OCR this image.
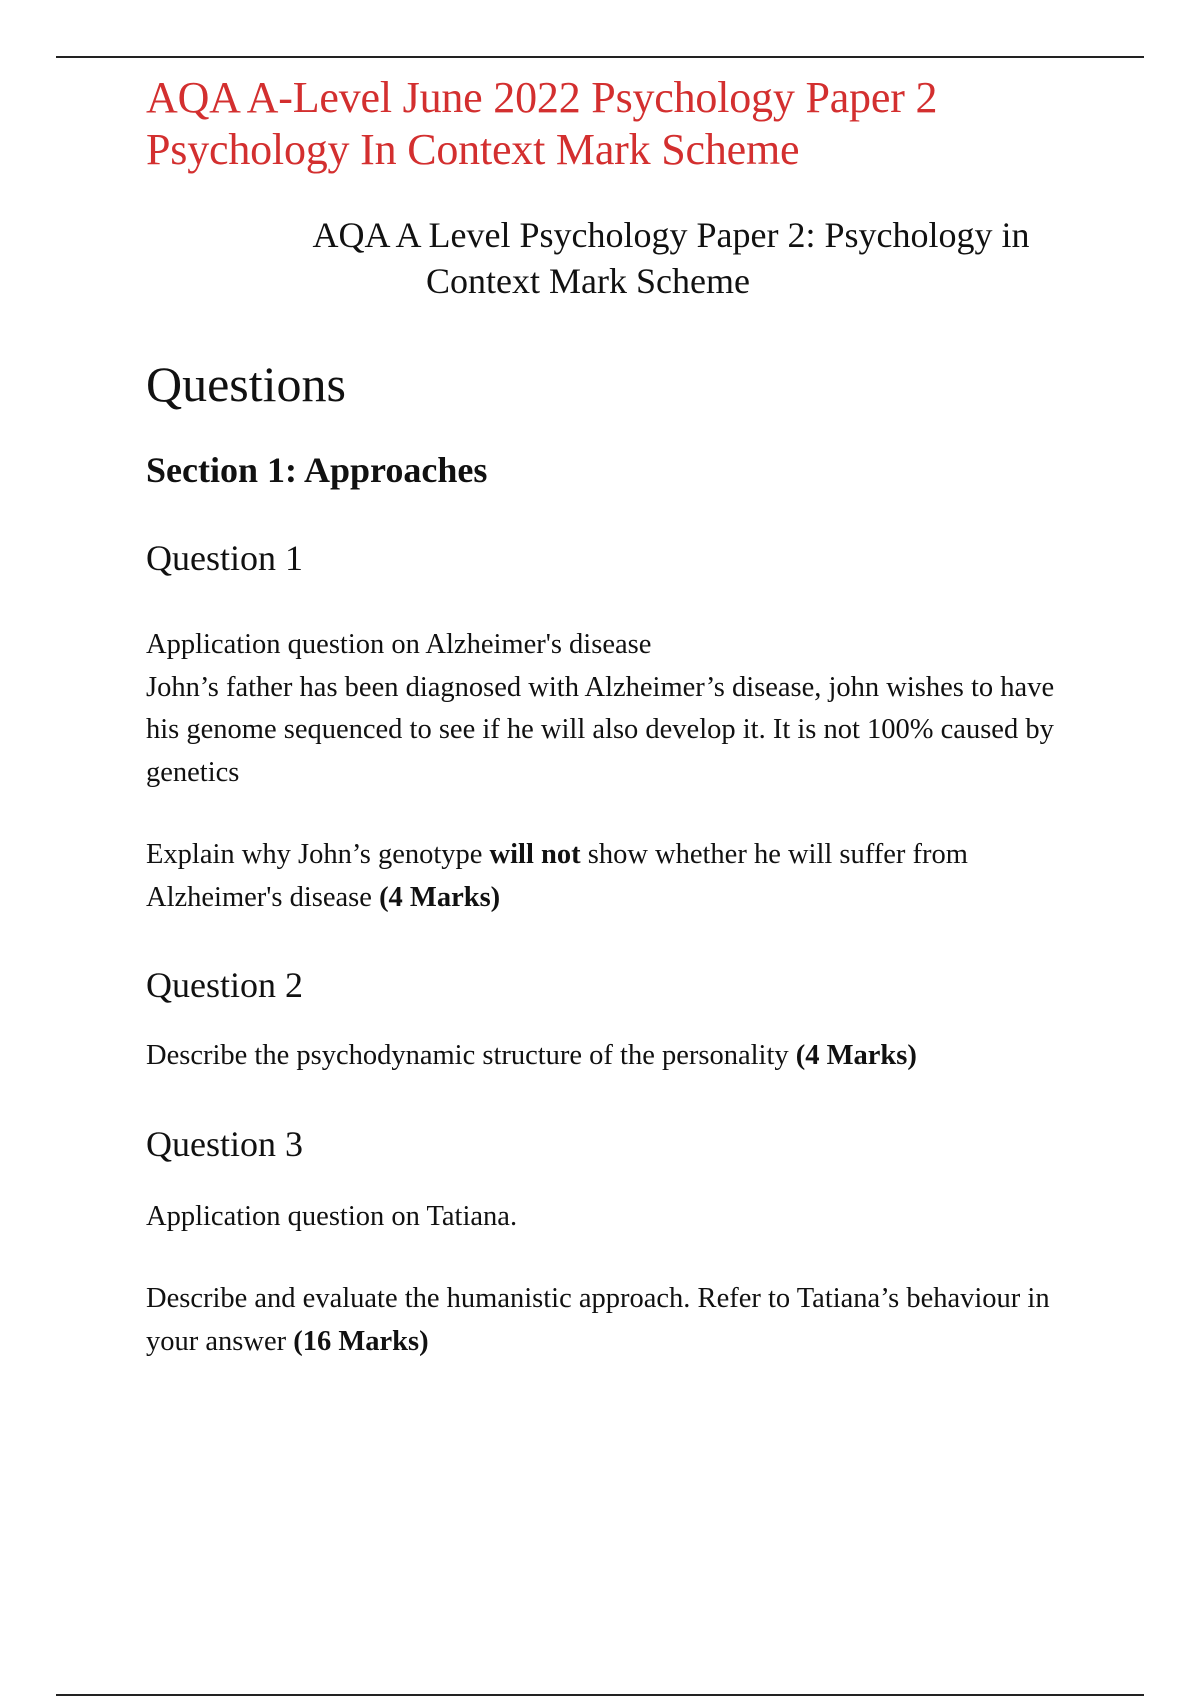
AQA A-Level June 2022 Psychology Paper 2 Psychology In Context Mark Scheme
AQA A Level Psychology Paper 2: Psychology in
Context Mark Scheme
Questions
Section 1: Approaches
Question 1

Application question on Alzheimer's disease

John’s father has been diagnosed with Alzheimer’s disease, john wishes to have his genome sequenced to see if he will also develop it. It is not 100% caused by genetics

Explain why John’s genotype will not show whether he will suffer from Alzheimer's disease (4 Marks)

Question 2

Describe the psychodynamic structure of the personality (4 Marks)

Question 3

Application question on Tatiana.

Describe and evaluate the humanistic approach. Refer to Tatiana’s behaviour in your answer (16 Marks)
